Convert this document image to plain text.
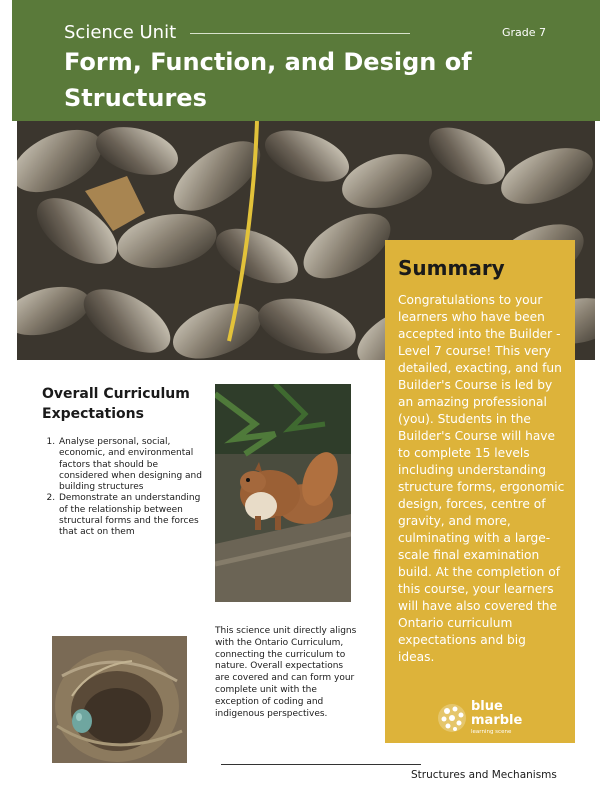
Science Unit	Grade 7
Form, Function, and Design of Structures
Summary

Congratulations to your learners who have been accepted into the Builder - Level 7 course! This very detailed, exacting, and fun Builder's Course is led by an amazing professional (you). Students in the Builder's Course will have to complete 15 levels including understanding structure forms, ergonomic design, forces, centre of gravity, and more, culminating with a large-scale final examination build. At the completion of this course, your learners will have also covered the Ontario curriculum expectations and big ideas.

blue
marble
learning scene
Overall Curriculum Expectations
1. Analyse personal, social, economic, and environmental factors that should be considered when designing and building structures
2. Demonstrate an understanding of the relationship between structural forms and the forces that act on them
This science unit directly aligns with the Ontario Curriculum, connecting the curriculum to nature. Overall expectations are covered and can form your complete unit with the exception of coding and indigenous perspectives.
Structures and Mechanisms
